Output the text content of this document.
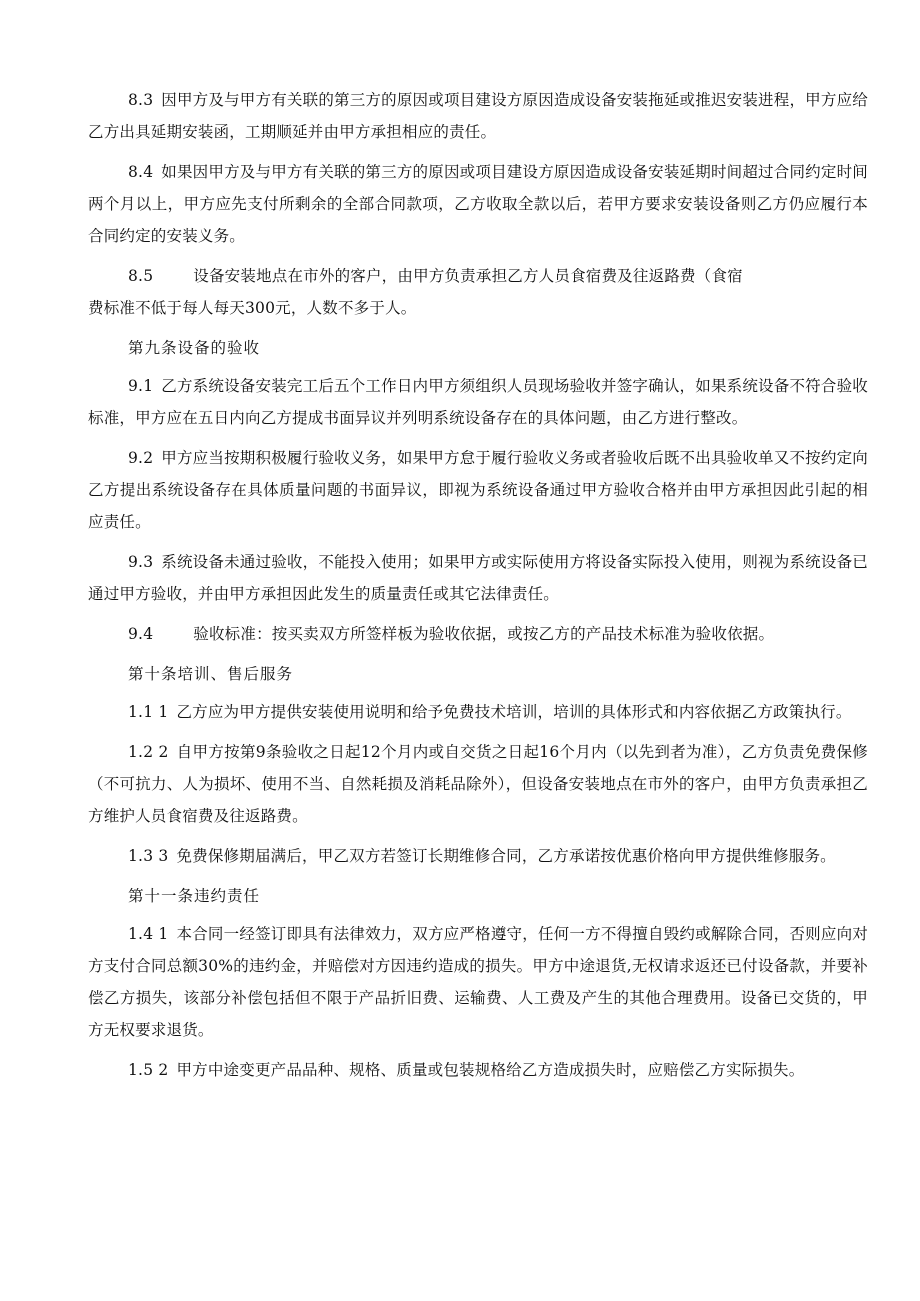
8.3 因甲方及与甲方有关联的第三方的原因或项目建设方原因造成设备安装拖延或推迟安装进程，甲方应给乙方出具延期安装函，工期顺延并由甲方承担相应的责任。

8.4 如果因甲方及与甲方有关联的第三方的原因或项目建设方原因造成设备安装延期时间超过合同约定时间两个月以上，甲方应先支付所剩余的全部合同款项，乙方收取全款以后，若甲方要求安装设备则乙方仍应履行本合同约定的安装义务。

8.5	设备安装地点在市外的客户，由甲方负责承担乙方人员食宿费及往返路费（食宿
费标准不低于每人每天300元，人数不多于人。

第九条设备的验收

9.1 乙方系统设备安装完工后五个工作日内甲方须组织人员现场验收并签字确认，如果系统设备不符合验收标准，甲方应在五日内向乙方提成书面异议并列明系统设备存在的具体问题，由乙方进行整改。

9.2 甲方应当按期积极履行验收义务，如果甲方怠于履行验收义务或者验收后既不出具验收单又不按约定向乙方提出系统设备存在具体质量问题的书面异议，即视为系统设备通过甲方验收合格并由甲方承担因此引起的相应责任。

9.3 系统设备未通过验收，不能投入使用；如果甲方或实际使用方将设备实际投入使用，则视为系统设备已通过甲方验收，并由甲方承担因此发生的质量责任或其它法律责任。

9.4	验收标准：按买卖双方所签样板为验收依据，或按乙方的产品技术标准为验收依据。

第十条培训、售后服务

1.1 1 乙方应为甲方提供安装使用说明和给予免费技术培训，培训的具体形式和内容依据乙方政策执行。

1.2 2 自甲方按第9条验收之日起12个月内或自交货之日起16个月内（以先到者为准），乙方负责免费保修（不可抗力、人为损坏、使用不当、自然耗损及消耗品除外），但设备安装地点在市外的客户，由甲方负责承担乙方维护人员食宿费及往返路费。

1.3 3 免费保修期届满后，甲乙双方若签订长期维修合同，乙方承诺按优惠价格向甲方提供维修服务。

第十一条违约责任

1.4 1 本合同一经签订即具有法律效力，双方应严格遵守，任何一方不得擅自毁约或解除合同，否则应向对方支付合同总额30%的违约金，并赔偿对方因违约造成的损失。甲方中途退货,无权请求返还已付设备款，并要补偿乙方损失，该部分补偿包括但不限于产品折旧费、运输费、人工费及产生的其他合理费用。设备已交货的，甲方无权要求退货。

1.5 2 甲方中途变更产品品种、规格、质量或包装规格给乙方造成损失时，应赔偿乙方实际损失。
